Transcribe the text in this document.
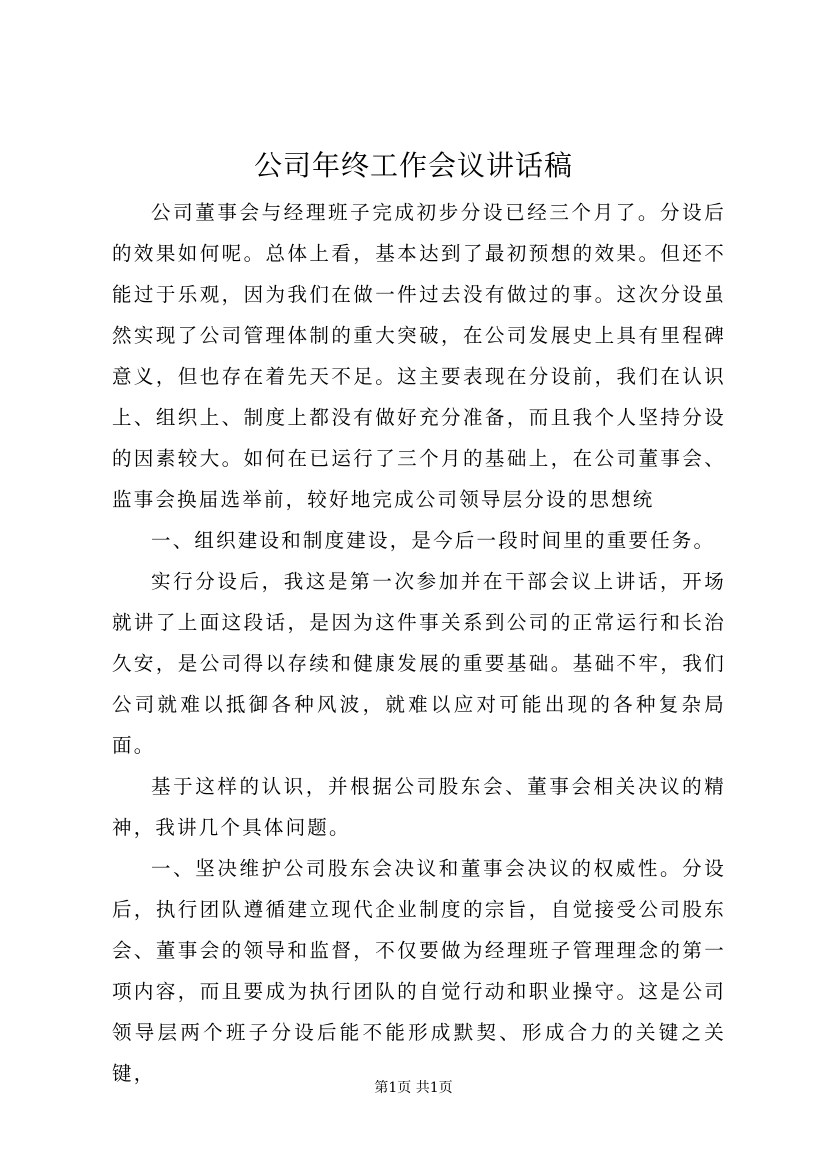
公司年终工作会议讲话稿

公司董事会与经理班子完成初步分设已经三个月了。分设后的效果如何呢。总体上看，基本达到了最初预想的效果。但还不能过于乐观，因为我们在做一件过去没有做过的事。这次分设虽然实现了公司管理体制的重大突破，在公司发展史上具有里程碑意义，但也存在着先天不足。这主要表现在分设前，我们在认识上、组织上、制度上都没有做好充分准备，而且我个人坚持分设的因素较大。如何在已运行了三个月的基础上，在公司董事会、监事会换届选举前，较好地完成公司领导层分设的思想统

一、组织建设和制度建设，是今后一段时间里的重要任务。

实行分设后，我这是第一次参加并在干部会议上讲话，开场就讲了上面这段话，是因为这件事关系到公司的正常运行和长治久安，是公司得以存续和健康发展的重要基础。基础不牢，我们公司就难以抵御各种风波，就难以应对可能出现的各种复杂局面。

基于这样的认识，并根据公司股东会、董事会相关决议的精神，我讲几个具体问题。

一、坚决维护公司股东会决议和董事会决议的权威性。分设后，执行团队遵循建立现代企业制度的宗旨，自觉接受公司股东会、董事会的领导和监督，不仅要做为经理班子管理理念的第一项内容，而且要成为执行团队的自觉行动和职业操守。这是公司领导层两个班子分设后能不能形成默契、形成合力的关键之关键，

第1页 共1页
